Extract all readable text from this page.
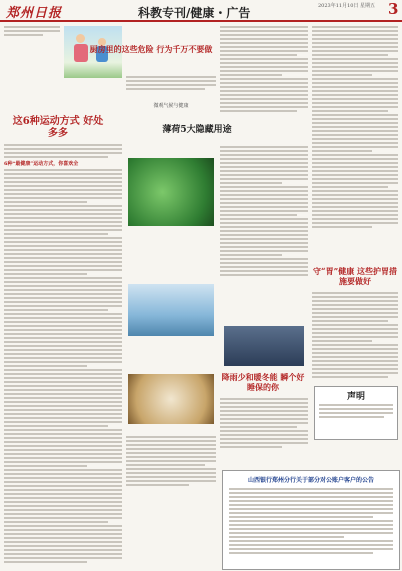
郑州日报	科教专刊/健康・广告	2023年11月10日 星期五 3
这6种运动方式 好处多多
6种“最健康”运动方式，你喜欢全
厨房里的这些危险 行为千万不要做
微观气候与健康
薄荷5大隐藏用途
降雨少和暖冬能 瞬个好睡保的你
守“胃”健康 这些护胃措施要做好
声明
山西银行郑州分行关于部分对公账户客户的公告
